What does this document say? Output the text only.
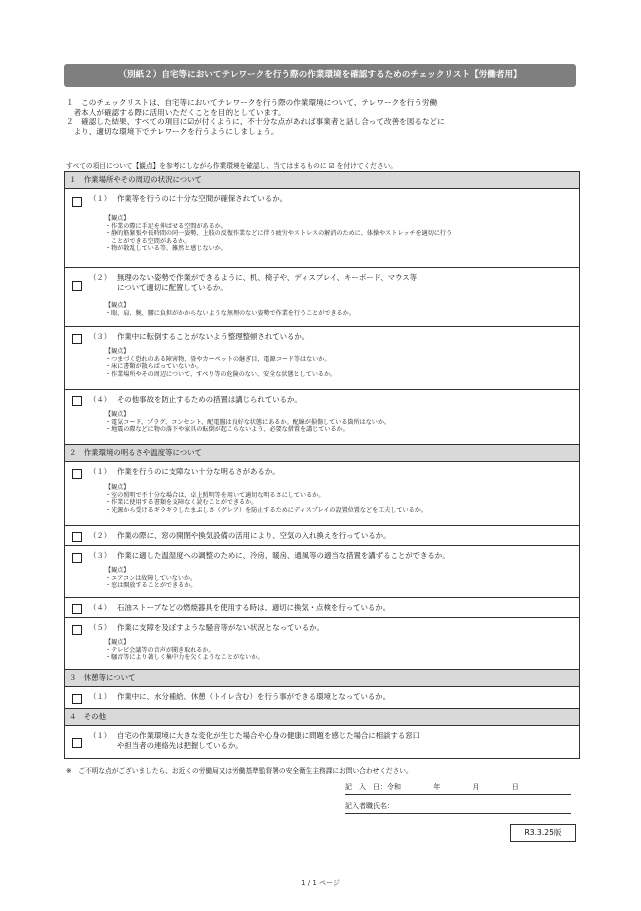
（別紙２）自宅等においてテレワークを行う際の作業環境を確認するためのチェックリスト【労働者用】
１　このチェックリストは、自宅等においてテレワークを行う際の作業環境について、テレワークを行う労働
　者本人が確認する際に活用いただくことを目的としています。
２　確認した結果、すべての項目に☑が付くように、不十分な点があれば事業者と話し合って改善を図るなどに
　より、適切な環境下でテレワークを行うようにしましょう。
すべての項目について【観点】を参考にしながら作業環境を確認し、当てはまるものに ☑ を付けてください。
１　作業場所やその周辺の状況について
（１） 作業等を行うのに十分な空間が確保されているか。
【観点】
・作業の際に手足を伸ばせる空間があるか。
・静的筋緊張や長時間の同一姿勢、上肢の反復作業などに伴う疲労やストレスの解消のために、体操やストレッチを適切に行う
　ことができる空間があるか。
・物が散乱している等、雑然と感じないか。
（２） 無理のない姿勢で作業ができるように、机、椅子や、ディスプレイ、キーボード、マウス等
について適切に配置しているか。
【観点】
・眼、肩、腕、腰に負担がかからないような無理のない姿勢で作業を行うことができるか。
（３） 作業中に転倒することがないよう整理整頓されているか。
【観点】
・つまづく恐れのある障害物、畳やカーペットの継ぎ目、電源コード等はないか。
・床に書類が散らばっていないか。
・作業場所やその周辺について、すべり等の危険のない、安全な状態としているか。
（４） その他事故を防止するための措置は講じられているか。
【観点】
・電気コード、プラグ、コンセント、配電盤は良好な状態にあるか。配線が損傷している箇所はないか。
・地震の際などに物の落下や家具の転倒が起こらないよう、必要な措置を講じているか。
２　作業環境の明るさや温度等について
（１） 作業を行うのに支障ない十分な明るさがあるか。
【観点】
・室の照明で不十分な場合は、卓上照明等を用いて適切な明るさにしているか。
・作業に使用する書類を支障なく読むことができるか。
・光源から受けるギラギラしたまぶしさ（グレア）を防止するためにディスプレイの設置位置などを工夫しているか。
（２） 作業の際に、窓の開閉や換気設備の活用により、空気の入れ換えを行っているか。
（３） 作業に適した温湿度への調整のために、冷房、暖房、通風等の適当な措置を講ずることができるか。
【観点】
・エアコンは故障していないか。
・窓は開放することができるか。
（４） 石油ストーブなどの燃焼器具を使用する時は、適切に換気・点検を行っているか。
（５） 作業に支障を及ぼすような騒音等がない状況となっているか。
【観点】
・テレビ会議等の音声が聞き取れるか。
・騒音等により著しく集中力を欠くようなことがないか。
３　休憩等について
（１） 作業中に、水分補給、休憩（トイレ含む）を行う事ができる環境となっているか。
４　その他
（１） 自宅の作業環境に大きな変化が生じた場合や心身の健康に問題を感じた場合に相談する窓口
や担当者の連絡先は把握しているか。
※　ご不明な点がございましたら、お近くの労働局又は労働基準監督署の安全衛生主務課にお問い合わせください。
記　入　日：令和	年	月	日
記入者職氏名：
R3.3.25版
1 / 1 ページ
